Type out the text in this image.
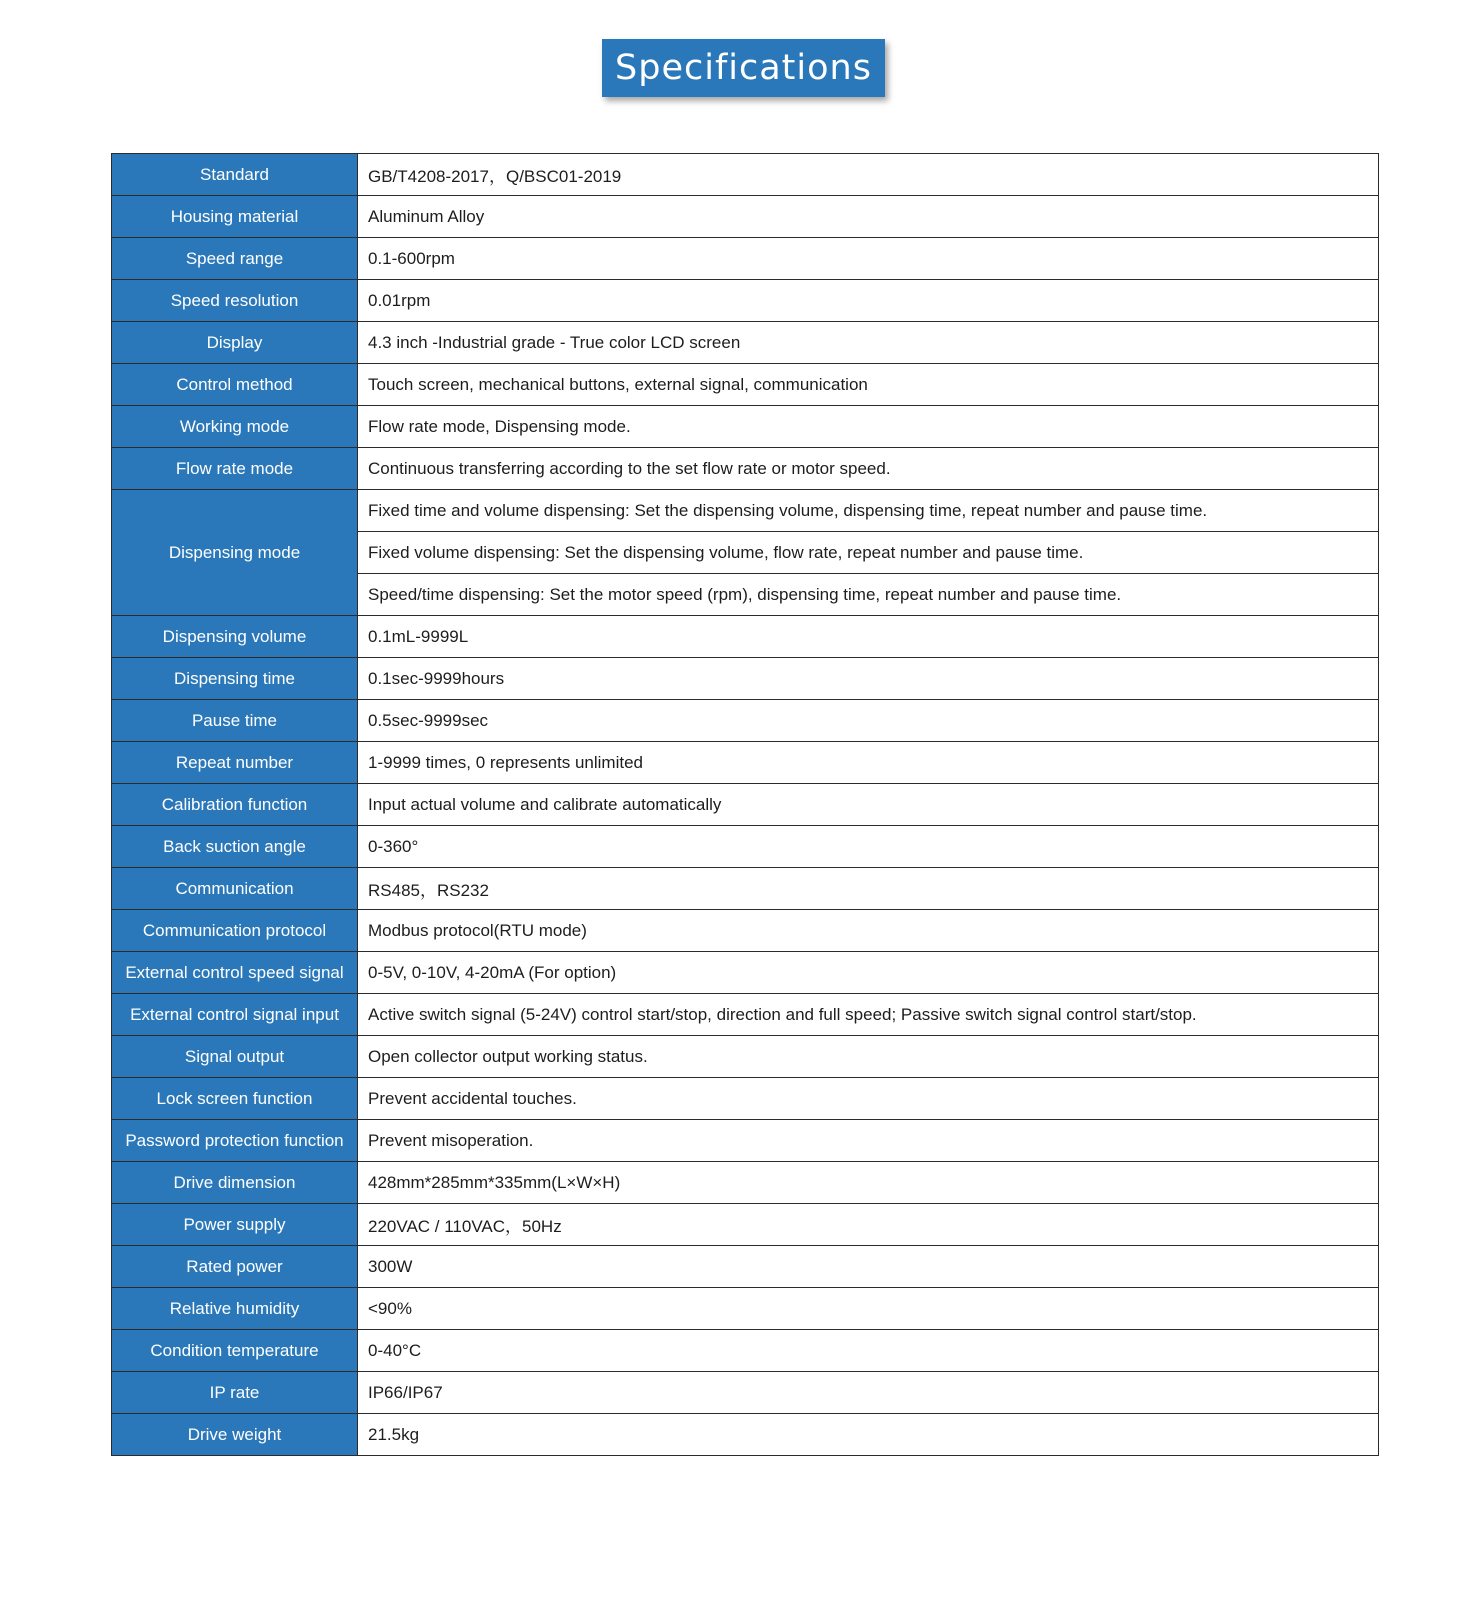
Specifications
Standard	GB/T4208-2017，Q/BSC01-2019
Housing material	Aluminum Alloy
Speed range	0.1-600rpm
Speed resolution	0.01rpm
Display	4.3 inch -Industrial grade - True color LCD screen
Control method	Touch screen, mechanical buttons, external signal, communication
Working mode	Flow rate mode, Dispensing mode.
Flow rate mode	Continuous transferring according to the set flow rate or motor speed.
Dispensing mode	Fixed time and volume dispensing: Set the dispensing volume, dispensing time, repeat number and pause time.
	Fixed volume dispensing: Set the dispensing volume, flow rate, repeat number and pause time.
	Speed/time dispensing: Set the motor speed (rpm), dispensing time, repeat number and pause time.
Dispensing volume	0.1mL-9999L
Dispensing time	0.1sec-9999hours
Pause time	0.5sec-9999sec
Repeat number	1-9999 times, 0 represents unlimited
Calibration function	Input actual volume and calibrate automatically
Back suction angle	0-360°
Communication	RS485，RS232
Communication protocol	Modbus protocol(RTU mode)
External control speed signal	0-5V, 0-10V, 4-20mA (For option)
External control signal input	Active switch signal (5-24V) control start/stop, direction and full speed; Passive switch signal control start/stop.
Signal output	Open collector output working status.
Lock screen function	Prevent accidental touches.
Password protection function	Prevent misoperation.
Drive dimension	428mm*285mm*335mm(L×W×H)
Power supply	220VAC / 110VAC，50Hz
Rated power	300W
Relative humidity	<90%
Condition temperature	0-40°C
IP rate	IP66/IP67
Drive weight	21.5kg
